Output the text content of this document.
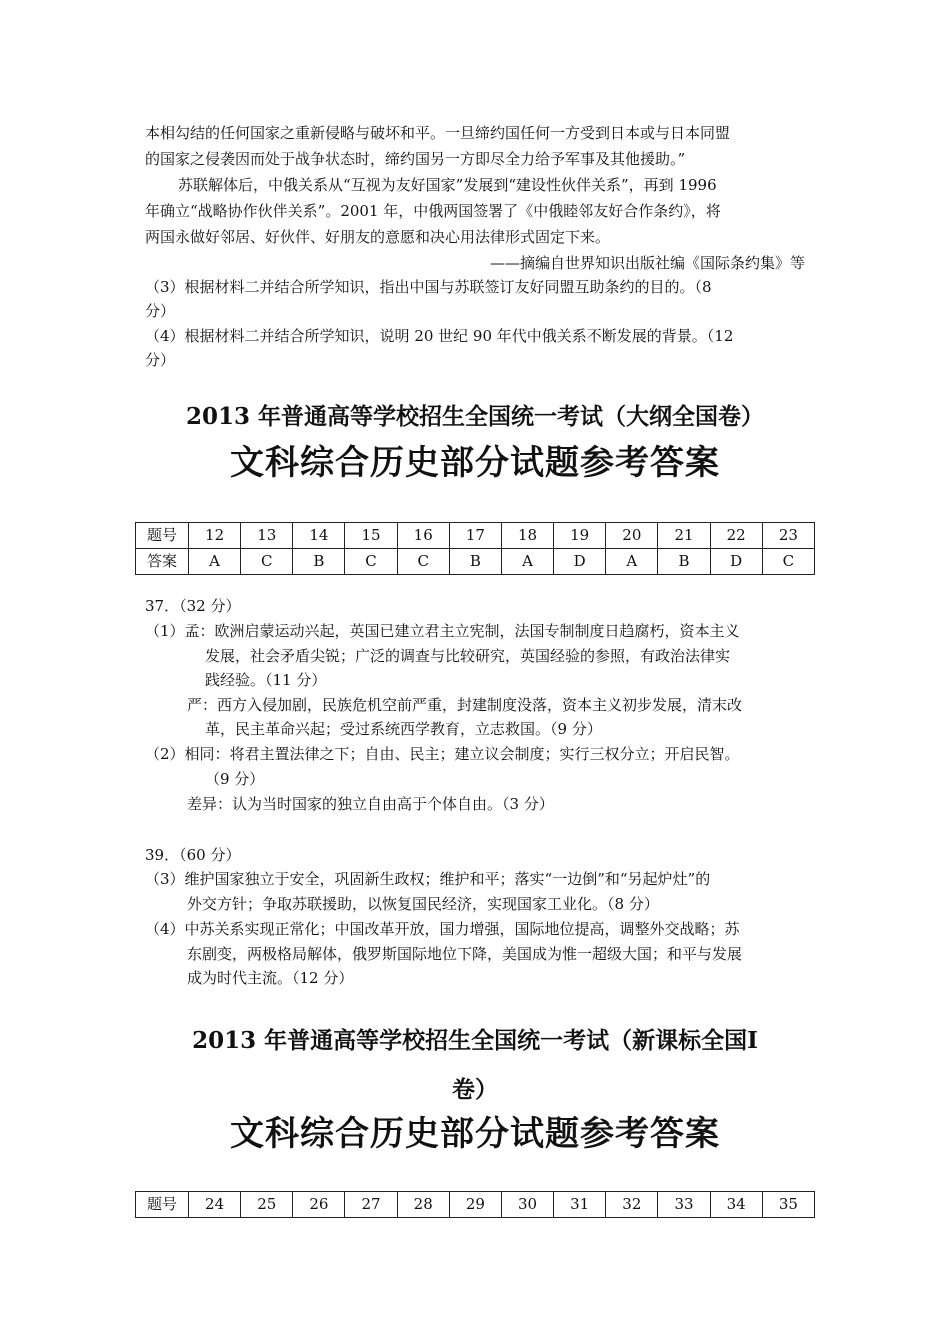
本相勾结的任何国家之重新侵略与破坏和平。一旦缔约国任何一方受到日本或与日本同盟
的国家之侵袭因而处于战争状态时，缔约国另一方即尽全力给予军事及其他援助。”
苏联解体后，中俄关系从“互视为友好国家”发展到“建设性伙伴关系”，再到 1996
年确立“战略协作伙伴关系”。2001 年，中俄两国签署了《中俄睦邻友好合作条约》，将
两国永做好邻居、好伙伴、好朋友的意愿和决心用法律形式固定下来。
——摘编自世界知识出版社编《国际条约集》等
（3）根据材料二并结合所学知识，指出中国与苏联签订友好同盟互助条约的目的。（8
分）
（4）根据材料二并结合所学知识，说明 20 世纪 90 年代中俄关系不断发展的背景。（12
分）
2013 年普通高等学校招生全国统一考试（大纲全国卷）
文科综合历史部分试题参考答案
题号	12	13	14	15	16	17	18	19	20	21	22	23
答案	A	C	B	C	C	B	A	D	A	B	D	C
37．（32 分）
（1）孟：欧洲启蒙运动兴起，英国已建立君主立宪制，法国专制制度日趋腐朽，资本主义
发展，社会矛盾尖锐；广泛的调查与比较研究，英国经验的参照，有政治法律实
践经验。（11 分）
严：西方入侵加剧，民族危机空前严重，封建制度没落，资本主义初步发展，清末改
革，民主革命兴起；受过系统西学教育，立志救国。（9 分）
（2）相同：将君主置法律之下；自由、民主；建立议会制度；实行三权分立；开启民智。
（9 分）
差异：认为当时国家的独立自由高于个体自由。（3 分）
39．（60 分）
（3）维护国家独立于安全，巩固新生政权；维护和平；落实“一边倒”和“另起炉灶”的
外交方针；争取苏联援助，以恢复国民经济，实现国家工业化。（8 分）
（4）中苏关系实现正常化；中国改革开放，国力增强，国际地位提高，调整外交战略；苏
东剧变，两极格局解体，俄罗斯国际地位下降，美国成为惟一超级大国；和平与发展
成为时代主流。（12 分）
2013 年普通高等学校招生全国统一考试（新课标全国Ⅰ
卷）
文科综合历史部分试题参考答案
题号	24	25	26	27	28	29	30	31	32	33	34	35
